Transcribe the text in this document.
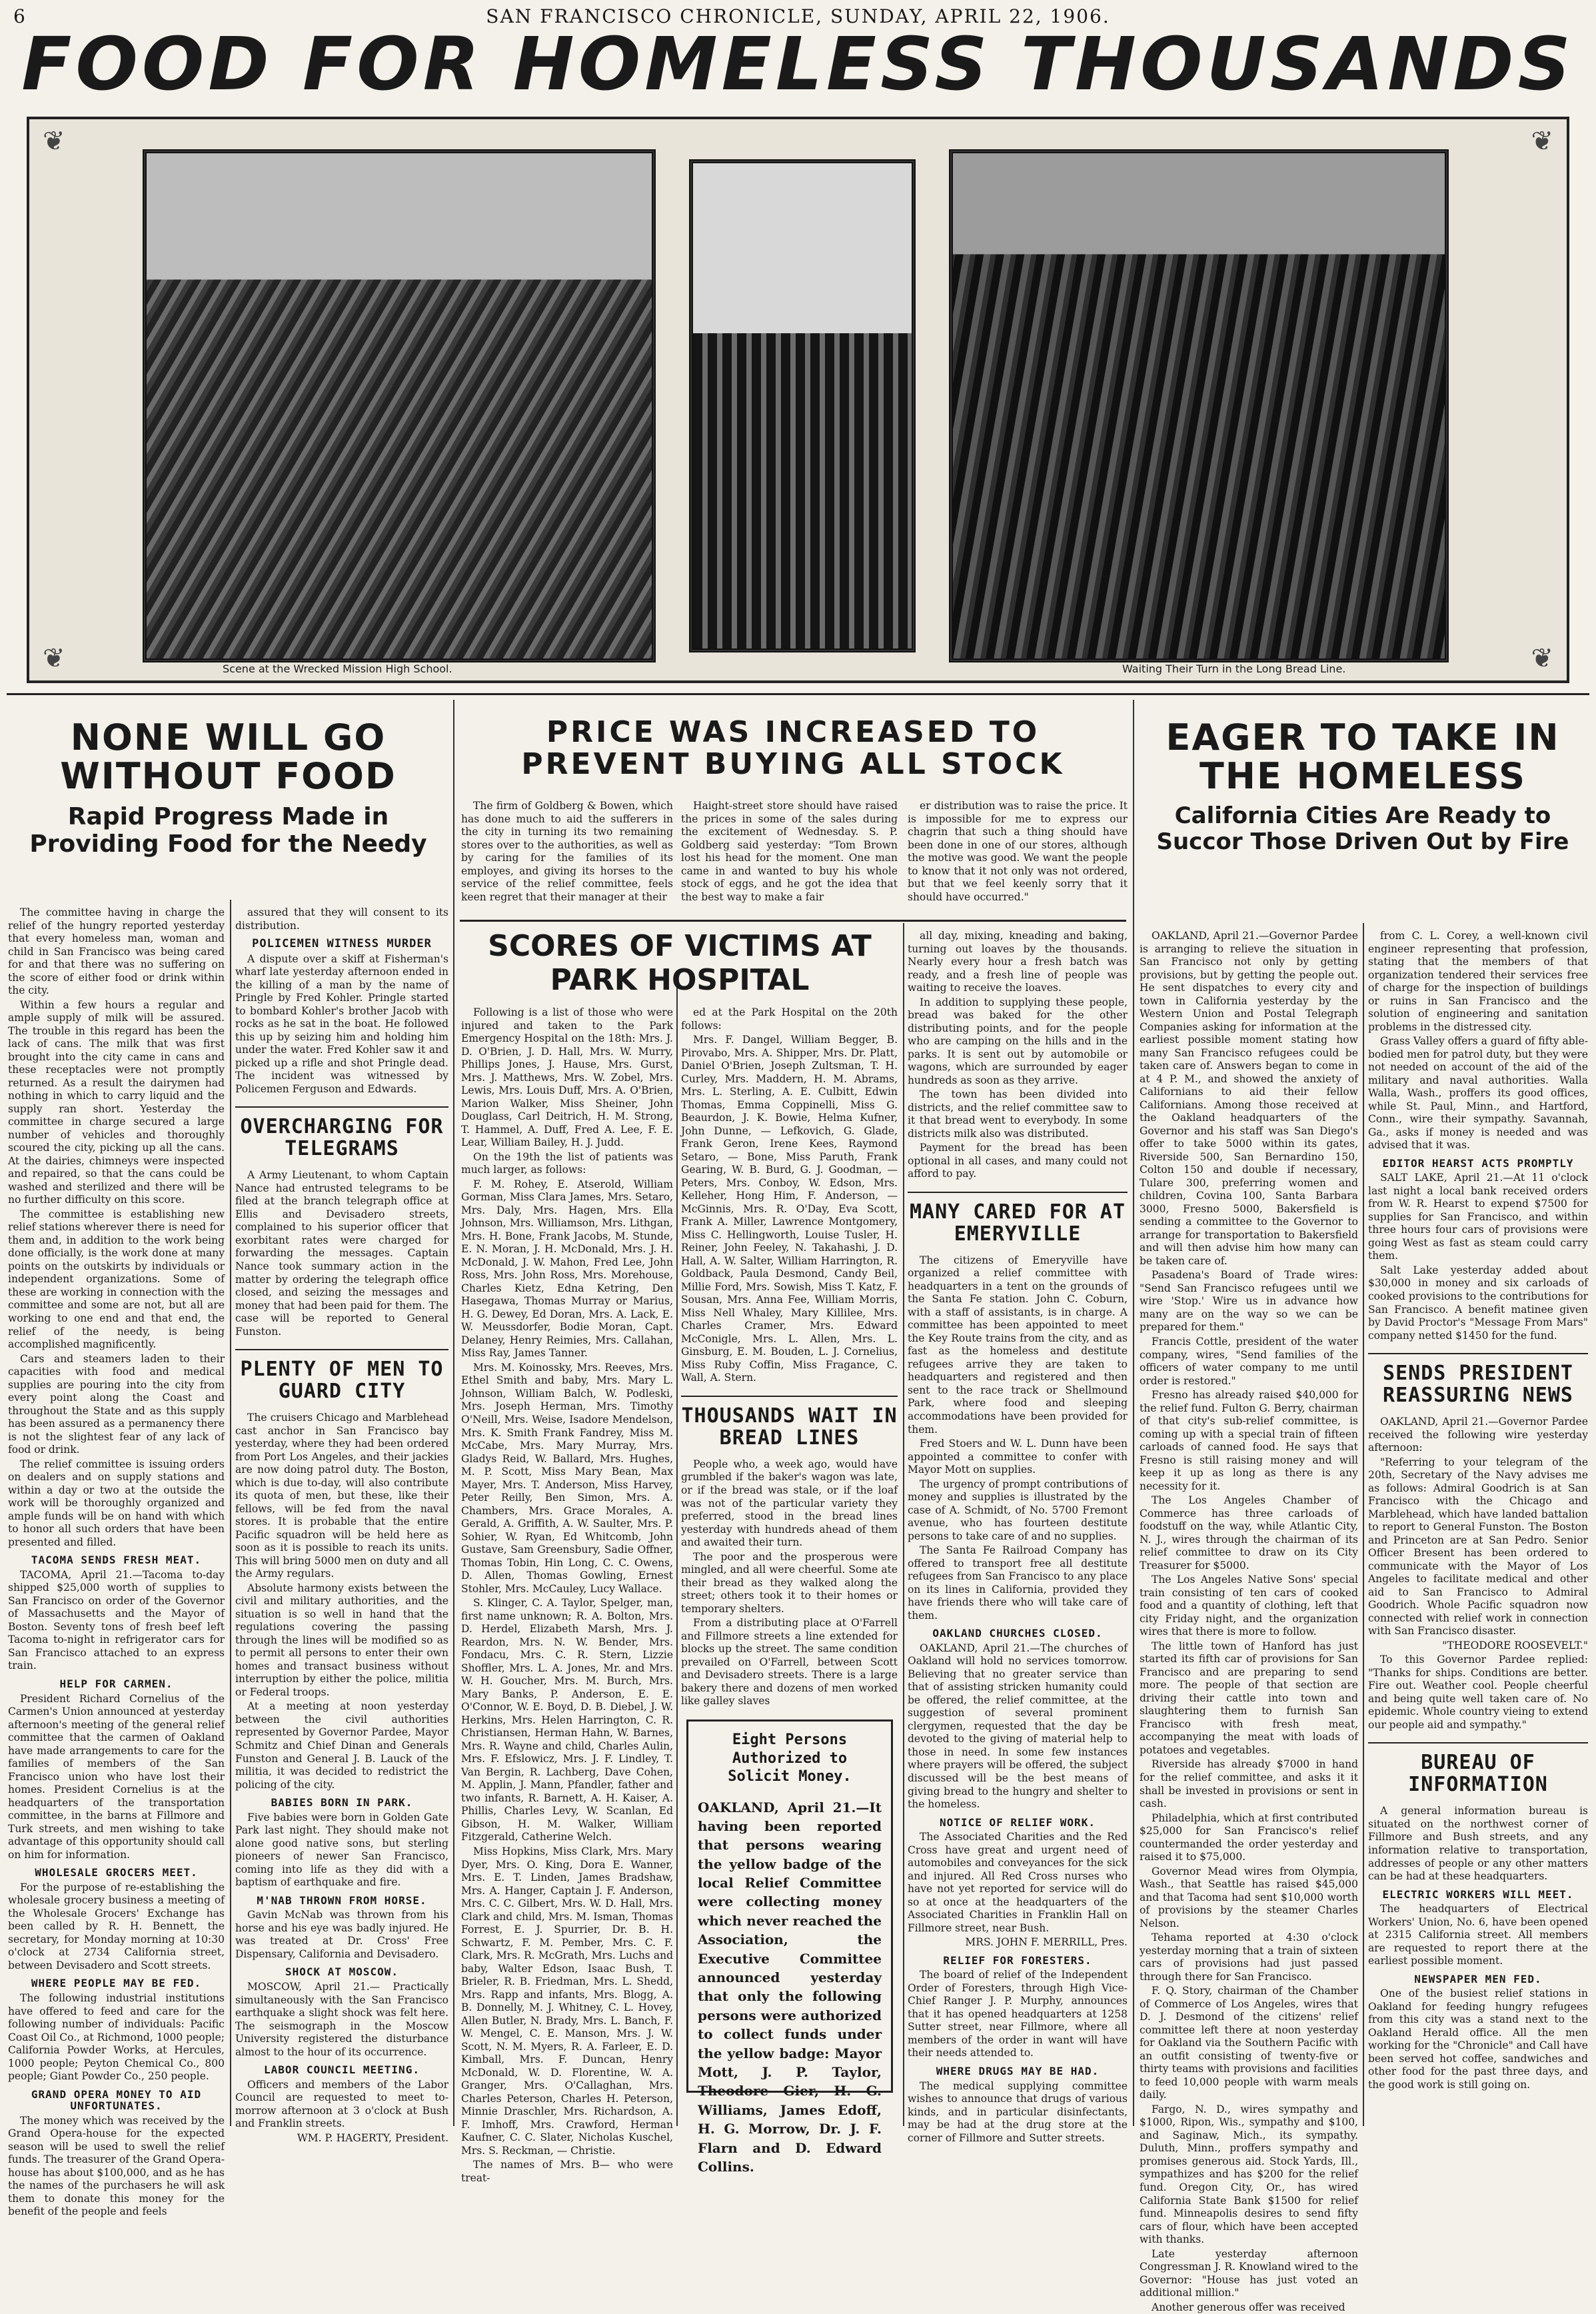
6	SAN FRANCISCO CHRONICLE, SUNDAY, APRIL 22, 1906.
FOOD FOR HOMELESS THOUSANDS
❦	❦
❦	❦
Scene at the Wrecked Mission High School.	Waiting Their Turn in the Long Bread Line.
NONE WILL GO WITHOUT FOOD
Rapid Progress Made in Providing Food for the Needy

The committee having in charge the relief of the hungry reported yesterday that every homeless man, woman and child in San Francisco was being cared for and that there was no suffering on the score of either food or drink within the city.

Within a few hours a regular and ample supply of milk will be assured. The trouble in this regard has been the lack of cans. The milk that was first brought into the city came in cans and these receptacles were not promptly returned. As a result the dairymen had nothing in which to carry liquid and the supply ran short. Yesterday the committee in charge secured a large number of vehicles and thoroughly scoured the city, picking up all the cans. At the dairies, chimneys were inspected and repaired, so that the cans could be washed and sterilized and there will be no further difficulty on this score.

The committee is establishing new relief stations wherever there is need for them and, in addition to the work being done officially, is the work done at many points on the outskirts by individuals or independent organizations. Some of these are working in connection with the committee and some are not, but all are working to one end and that end, the relief of the needy, is being accomplished magnificently.

Cars and steamers laden to their capacities with food and medical supplies are pouring into the city from every point along the Coast and throughout the State and as this supply has been assured as a permanency there is not the slightest fear of any lack of food or drink.

The relief committee is issuing orders on dealers and on supply stations and within a day or two at the outside the work will be thoroughly organized and ample funds will be on hand with which to honor all such orders that have been presented and filled.

TACOMA SENDS FRESH MEAT.

TACOMA, April 21.—Tacoma to-day shipped $25,000 worth of supplies to San Francisco on order of the Governor of Massachusetts and the Mayor of Boston. Seventy tons of fresh beef left Tacoma to-night in refrigerator cars for San Francisco attached to an express train.

HELP FOR CARMEN.

President Richard Cornelius of the Carmen's Union announced at yesterday afternoon's meeting of the general relief committee that the carmen of Oakland have made arrangements to care for the families of members of the San Francisco union who have lost their homes. President Cornelius is at the headquarters of the transportation committee, in the barns at Fillmore and Turk streets, and men wishing to take advantage of this opportunity should call on him for information.

WHOLESALE GROCERS MEET.

For the purpose of re-establishing the wholesale grocery business a meeting of the Wholesale Grocers' Exchange has been called by R. H. Bennett, the secretary, for Monday morning at 10:30 o'clock at 2734 California street, between Devisadero and Scott streets.

WHERE PEOPLE MAY BE FED.

The following industrial institutions have offered to feed and care for the following number of individuals: Pacific Coast Oil Co., at Richmond, 1000 people; California Powder Works, at Hercules, 1000 people; Peyton Chemical Co., 800 people; Giant Powder Co., 250 people.

GRAND OPERA MONEY TO AID UNFORTUNATES.

The money which was received by the Grand Opera-house for the expected season will be used to swell the relief funds. The treasurer of the Grand Opera-house has about $100,000, and as he has the names of the purchasers he will ask them to donate this money for the benefit of the people and feels

assured that they will consent to its distribution.

POLICEMEN WITNESS MURDER

A dispute over a skiff at Fisherman's wharf late yesterday afternoon ended in the killing of a man by the name of Pringle by Fred Kohler. Pringle started to bombard Kohler's brother Jacob with rocks as he sat in the boat. He followed this up by seizing him and holding him under the water. Fred Kohler saw it and picked up a rifle and shot Pringle dead. The incident was witnessed by Policemen Ferguson and Edwards.

OVERCHARGING FOR TELEGRAMS

A Army Lieutenant, to whom Captain Nance had entrusted telegrams to be filed at the branch telegraph office at Ellis and Devisadero streets, complained to his superior officer that exorbitant rates were charged for forwarding the messages. Captain Nance took summary action in the matter by ordering the telegraph office closed, and seizing the messages and money that had been paid for them. The case will be reported to General Funston.

PLENTY OF MEN TO GUARD CITY

The cruisers Chicago and Marblehead cast anchor in San Francisco bay yesterday, where they had been ordered from Port Los Angeles, and their jackies are now doing patrol duty. The Boston, which is due to-day, will also contribute its quota of men, but these, like their fellows, will be fed from the naval stores. It is probable that the entire Pacific squadron will be held here as soon as it is possible to reach its units. This will bring 5000 men on duty and all the Army regulars.

Absolute harmony exists between the civil and military authorities, and the situation is so well in hand that the regulations covering the passing through the lines will be modified so as to permit all persons to enter their own homes and transact business without interruption by either the police, militia or Federal troops.

At a meeting at noon yesterday between the civil authorities represented by Governor Pardee, Mayor Schmitz and Chief Dinan and Generals Funston and General J. B. Lauck of the militia, it was decided to redistrict the policing of the city.

BABIES BORN IN PARK.

Five babies were born in Golden Gate Park last night. They should make not alone good native sons, but sterling pioneers of newer San Francisco, coming into life as they did with a baptism of earthquake and fire.

M'NAB THROWN FROM HORSE.

Gavin McNab was thrown from his horse and his eye was badly injured. He was treated at Dr. Cross' Free Dispensary, California and Devisadero.

SHOCK AT MOSCOW.

MOSCOW, April 21.— Practically simultaneously with the San Francisco earthquake a slight shock was felt here. The seismograph in the Moscow University registered the disturbance almost to the hour of its occurrence.

LABOR COUNCIL MEETING.

Officers and members of the Labor Council are requested to meet to-morrow afternoon at 3 o'clock at Bush and Franklin streets.

WM. P. HAGERTY, President.
PRICE WAS INCREASED TO PREVENT BUYING ALL STOCK

The firm of Goldberg & Bowen, which has done much to aid the sufferers in the city in turning its two remaining stores over to the authorities, as well as by caring for the families of its employes, and giving its horses to the service of the relief committee, feels keen regret that their manager at their

Haight-street store should have raised the prices in some of the sales during the excitement of Wednesday. S. P. Goldberg said yesterday: "Tom Brown lost his head for the moment. One man came in and wanted to buy his whole stock of eggs, and he got the idea that the best way to make a fair

er distribution was to raise the price. It is impossible for me to express our chagrin that such a thing should have been done in one of our stores, although the motive was good. We want the people to know that it not only was not ordered, but that we feel keenly sorry that it should have occurred."

SCORES OF VICTIMS AT PARK HOSPITAL

Following is a list of those who were injured and taken to the Park Emergency Hospital on the 18th: Mrs. J. D. O'Brien, J. D. Hall, Mrs. W. Murry, Phillips Jones, J. Hause, Mrs. Gurst, Mrs. J. Matthews, Mrs. W. Zobel, Mrs. Lewis, Mrs. Louis Duff, Mrs. A. O'Brien, Marion Walker, Miss Sheiner, John Douglass, Carl Deitrich, H. M. Strong, T. Hammel, A. Duff, Fred A. Lee, F. E. Lear, William Bailey, H. J. Judd.

On the 19th the list of patients was much larger, as follows:

F. M. Rohey, E. Atserold, William Gorman, Miss Clara James, Mrs. Setaro, Mrs. Daly, Mrs. Hagen, Mrs. Ella Johnson, Mrs. Williamson, Mrs. Lithgan, Mrs. H. Bone, Frank Jacobs, M. Stunde, E. N. Moran, J. H. McDonald, Mrs. J. H. McDonald, J. W. Mahon, Fred Lee, John Ross, Mrs. John Ross, Mrs. Morehouse, Charles Kietz, Edna Ketring, Den Hasegawa, Thomas Murray or Marius, H. G. Dewey, Ed Doran, Mrs. A. Lack, E. W. Meussdorfer, Bodie Moran, Capt. Delaney, Henry Reimies, Mrs. Callahan, Miss Ray, James Tanner.

Mrs. M. Koinossky, Mrs. Reeves, Mrs. Ethel Smith and baby, Mrs. Mary L. Johnson, William Balch, W. Podleski, Mrs. Joseph Herman, Mrs. Timothy O'Neill, Mrs. Weise, Isadore Mendelson, Mrs. K. Smith Frank Fandrey, Miss M. McCabe, Mrs. Mary Murray, Mrs. Gladys Reid, W. Ballard, Mrs. Hughes, M. P. Scott, Miss Mary Bean, Max Mayer, Mrs. T. Anderson, Miss Harvey, Peter Reilly, Ben Simon, Mrs. A. Chambers, Mrs. Grace Morales, A. Gerald, A. Griffith, A. W. Saulter, Mrs. P. Sohier, W. Ryan, Ed Whitcomb, John Gustave, Sam Greensbury, Sadie Offner, Thomas Tobin, Hin Long, C. C. Owens, D. Allen, Thomas Gowling, Ernest Stohler, Mrs. McCauley, Lucy Wallace.

S. Klinger, C. A. Taylor, Spelger, man, first name unknown; R. A. Bolton, Mrs. D. Herdel, Elizabeth Marsh, Mrs. J. Reardon, Mrs. N. W. Bender, Mrs. Fondacu, Mrs. C. R. Stern, Lizzie Shoffler, Mrs. L. A. Jones, Mr. and Mrs. W. H. Goucher, Mrs. M. Burch, Mrs. Mary Banks, P. Anderson, E. E. O'Connor, W. E. Boyd, D. B. Diebel, J. W. Herkins, Mrs. Helen Harrington, C. R. Christiansen, Herman Hahn, W. Barnes, Mrs. R. Wayne and child, Charles Aulin, Mrs. F. Efslowicz, Mrs. J. F. Lindley, T. Van Bergin, R. Lachberg, Dave Cohen, M. Applin, J. Mann, Pfandler, father and two infants, R. Barnett, A. H. Kaiser, A. Phillis, Charles Levy, W. Scanlan, Ed Gibson, H. M. Walker, William Fitzgerald, Catherine Welch.

Miss Hopkins, Miss Clark, Mrs. Mary Dyer, Mrs. O. King, Dora E. Wanner, Mrs. E. T. Linden, James Bradshaw, Mrs. A. Hanger, Captain J. F. Anderson, Mrs. C. C. Gilbert, Mrs. W. D. Hall, Mrs. Clark and child, Mrs. M. Isman, Thomas Forrest, E. J. Spurrier, Dr. B. H. Schwartz, F. M. Pember, Mrs. C. F. Clark, Mrs. R. McGrath, Mrs. Luchs and baby, Walter Edson, Isaac Bush, T. Brieler, R. B. Friedman, Mrs. L. Shedd, Mrs. Rapp and infants, Mrs. Blogg, A. B. Donnelly, M. J. Whitney, C. L. Hovey, Allen Butler, N. Brady, Mrs. L. Banch, F. W. Mengel, C. E. Manson, Mrs. J. W. Scott, N. M. Myers, R. A. Farleer, E. D. Kimball, Mrs. F. Duncan, Henry McDonald, W. D. Florentine, W. A. Granger, Mrs. O'Callaghan, Mrs. Charles Peterson, Charles H. Peterson, Minnie Draschler, Mrs. Richardson, A. F. Imhoff, Mrs. Crawford, Herman Kaufner, C. C. Slater, Nicholas Kuschel, Mrs. S. Reckman, — Christie.

The names of Mrs. B— who were treat-

ed at the Park Hospital on the 20th follows:

Mrs. F. Dangel, William Begger, B. Pirovabo, Mrs. A. Shipper, Mrs. Dr. Platt, Daniel O'Brien, Joseph Zultsman, T. H. Curley, Mrs. Maddern, H. M. Abrams, Mrs. L. Sterling, A. E. Culbitt, Edwin Thomas, Emma Coppinelli, Miss G. Beaurdon, J. K. Bowie, Helma Kufner, John Dunne, — Lefkovich, G. Glade, Frank Geron, Irene Kees, Raymond Setaro, — Bone, Miss Paruth, Frank Gearing, W. B. Burd, G. J. Goodman, — Peters, Mrs. Conboy, W. Edson, Mrs. Kelleher, Hong Him, F. Anderson, — McGinnis, Mrs. R. O'Day, Eva Scott, Frank A. Miller, Lawrence Montgomery, Miss C. Hellingworth, Louise Tusler, H. Reiner, John Feeley, N. Takahashi, J. D. Hall, A. W. Salter, William Harrington, R. Goldback, Paula Desmond, Candy Beil, Millie Ford, Mrs. Sowish, Miss T. Katz, F. Sousan, Mrs. Anna Fee, William Morris, Miss Nell Whaley, Mary Killilee, Mrs. Charles Cramer, Mrs. Edward McConigle, Mrs. L. Allen, Mrs. L. Ginsburg, E. M. Bouden, L. J. Cornelius, Miss Ruby Coffin, Miss Fragance, C. Wall, A. Stern.

THOUSANDS WAIT IN BREAD LINES

People who, a week ago, would have grumbled if the baker's wagon was late, or if the bread was stale, or if the loaf was not of the particular variety they preferred, stood in the bread lines yesterday with hundreds ahead of them and awaited their turn.

The poor and the prosperous were mingled, and all were cheerful. Some ate their bread as they walked along the street; others took it to their homes or temporary shelters.

From a distributing place at O'Farrell and Fillmore streets a line extended for blocks up the street. The same condition prevailed on O'Farrell, between Scott and Devisadero streets. There is a large bakery there and dozens of men worked like galley slaves

Eight Persons Authorized to Solicit Money.
OAKLAND, April 21.—It having been reported that persons wearing the yellow badge of the local Relief Committee were collecting money which never reached the Association, the Executive Committee announced yesterday that only the following persons were authorized to collect funds under the yellow badge: Mayor Mott, J. P. Taylor, Theodore Gier, H. G. Williams, James Edoff, H. G. Morrow, Dr. J. F. Flarn and D. Edward Collins.

all day, mixing, kneading and baking, turning out loaves by the thousands. Nearly every hour a fresh batch was ready, and a fresh line of people was waiting to receive the loaves.

In addition to supplying these people, bread was baked for the other distributing points, and for the people who are camping on the hills and in the parks. It is sent out by automobile or wagons, which are surrounded by eager hundreds as soon as they arrive.

The town has been divided into districts, and the relief committee saw to it that bread went to everybody. In some districts milk also was distributed.

Payment for the bread has been optional in all cases, and many could not afford to pay.

MANY CARED FOR AT EMERYVILLE

The citizens of Emeryville have organized a relief committee with headquarters in a tent on the grounds of the Santa Fe station. John C. Coburn, with a staff of assistants, is in charge. A committee has been appointed to meet the Key Route trains from the city, and as fast as the homeless and destitute refugees arrive they are taken to headquarters and registered and then sent to the race track or Shellmound Park, where food and sleeping accommodations have been provided for them.

Fred Stoers and W. L. Dunn have been appointed a committee to confer with Mayor Mott on supplies.

The urgency of prompt contributions of money and supplies is illustrated by the case of A. Schmidt, of No. 5700 Fremont avenue, who has fourteen destitute persons to take care of and no supplies.

The Santa Fe Railroad Company has offered to transport free all destitute refugees from San Francisco to any place on its lines in California, provided they have friends there who will take care of them.

OAKLAND CHURCHES CLOSED.

OAKLAND, April 21.—The churches of Oakland will hold no services tomorrow. Believing that no greater service than that of assisting stricken humanity could be offered, the relief committee, at the suggestion of several prominent clergymen, requested that the day be devoted to the giving of material help to those in need. In some few instances where prayers will be offered, the subject discussed will be the best means of giving bread to the hungry and shelter to the homeless.

NOTICE OF RELIEF WORK.

The Associated Charities and the Red Cross have great and urgent need of automobiles and conveyances for the sick and injured. All Red Cross nurses who have not yet reported for service will do so at once at the headquarters of the Associated Charities in Franklin Hall on Fillmore street, near Bush.

MRS. JOHN F. MERRILL, Pres.
RELIEF FOR FORESTERS.

The board of relief of the Independent Order of Foresters, through High Vice-Chief Ranger J. P. Murphy, announces that it has opened headquarters at 1258 Sutter street, near Fillmore, where all members of the order in want will have their needs attended to.

WHERE DRUGS MAY BE HAD.

The medical supplying committee wishes to announce that drugs of various kinds, and in particular disinfectants, may be had at the drug store at the corner of Fillmore and Sutter streets.

EAGER TO TAKE IN THE HOMELESS
California Cities Are Ready to Succor Those Driven Out by Fire

OAKLAND, April 21.—Governor Pardee is arranging to relieve the situation in San Francisco not only by getting provisions, but by getting the people out. He sent dispatches to every city and town in California yesterday by the Western Union and Postal Telegraph Companies asking for information at the earliest possible moment stating how many San Francisco refugees could be taken care of. Answers began to come in at 4 P. M., and showed the anxiety of Californians to aid their fellow Californians. Among those received at the Oakland headquarters of the Governor and his staff was San Diego's offer to take 5000 within its gates, Riverside 500, San Bernardino 150, Colton 150 and double if necessary, Tulare 300, preferring women and children, Covina 100, Santa Barbara 3000, Fresno 5000, Bakersfield is sending a committee to the Governor to arrange for transportation to Bakersfield and will then advise him how many can be taken care of.

Pasadena's Board of Trade wires: "Send San Francisco refugees until we wire 'Stop.' Wire us in advance how many are on the way so we can be prepared for them."

Francis Cottle, president of the water company, wires, "Send families of the officers of water company to me until order is restored."

Fresno has already raised $40,000 for the relief fund. Fulton G. Berry, chairman of that city's sub-relief committee, is coming up with a special train of fifteen carloads of canned food. He says that Fresno is still raising money and will keep it up as long as there is any necessity for it.

The Los Angeles Chamber of Commerce has three carloads of foodstuff on the way, while Atlantic City, N. J., wires through the chairman of its relief committee to draw on its City Treasurer for $5000.

The Los Angeles Native Sons' special train consisting of ten cars of cooked food and a quantity of clothing, left that city Friday night, and the organization wires that there is more to follow.

The little town of Hanford has just started its fifth car of provisions for San Francisco and are preparing to send more. The people of that section are driving their cattle into town and slaughtering them to furnish San Francisco with fresh meat, accompanying the meat with loads of potatoes and vegetables.

Riverside has already $7000 in hand for the relief committee, and asks it it shall be invested in provisions or sent in cash.

Philadelphia, which at first contributed $25,000 for San Francisco's relief countermanded the order yesterday and raised it to $75,000.

Governor Mead wires from Olympia, Wash., that Seattle has raised $45,000 and that Tacoma had sent $10,000 worth of provisions by the steamer Charles Nelson.

Tehama reported at 4:30 o'clock yesterday morning that a train of sixteen cars of provisions had just passed through there for San Francisco.

F. Q. Story, chairman of the Chamber of Commerce of Los Angeles, wires that D. J. Desmond of the citizens' relief committee left there at noon yesterday for Oakland via the Southern Pacific with an outfit consisting of twenty-five or thirty teams with provisions and facilities to feed 10,000 people with warm meals daily.

Fargo, N. D., wires sympathy and $1000, Ripon, Wis., sympathy and $100, and Saginaw, Mich., its sympathy. Duluth, Minn., proffers sympathy and promises generous aid. Stock Yards, Ill., sympathizes and has $200 for the relief fund. Oregon City, Or., has wired California State Bank $1500 for relief fund. Minneapolis desires to send fifty cars of flour, which have been accepted with thanks.

Late yesterday afternoon Congressman J. R. Knowland wired to the Governor: "House has just voted an additional million."

Another generous offer was received

from C. L. Corey, a well-known civil engineer representing that profession, stating that the members of that organization tendered their services free of charge for the inspection of buildings or ruins in San Francisco and the solution of engineering and sanitation problems in the distressed city.

Grass Valley offers a guard of fifty able-bodied men for patrol duty, but they were not needed on account of the aid of the military and naval authorities. Walla Walla, Wash., proffers its good offices, while St. Paul, Minn., and Hartford, Conn., wire their sympathy. Savannah, Ga., asks if money is needed and was advised that it was.

EDITOR HEARST ACTS PROMPTLY

SALT LAKE, April 21.—At 11 o'clock last night a local bank received orders from W. R. Hearst to expend $7500 for supplies for San Francisco, and within three hours four cars of provisions were going West as fast as steam could carry them.

Salt Lake yesterday added about $30,000 in money and six carloads of cooked provisions to the contributions for San Francisco. A benefit matinee given by David Proctor's "Message From Mars" company netted $1450 for the fund.

SENDS PRESIDENT REASSURING NEWS

OAKLAND, April 21.—Governor Pardee received the following wire yesterday afternoon:

"Referring to your telegram of the 20th, Secretary of the Navy advises me as follows: Admiral Goodrich is at San Francisco with the Chicago and Marblehead, which have landed battalion to report to General Funston. The Boston and Princeton are at San Pedro. Senior Officer Bresent has been ordered to communicate with the Mayor of Los Angeles to facilitate medical and other aid to San Francisco to Admiral Goodrich. Whole Pacific squadron now connected with relief work in connection with San Francisco disaster.

"THEODORE ROOSEVELT."

To this Governor Pardee replied: "Thanks for ships. Conditions are better. Fire out. Weather cool. People cheerful and being quite well taken care of. No epidemic. Whole country vieing to extend our people aid and sympathy."

BUREAU OF INFORMATION

A general information bureau is situated on the northwest corner of Fillmore and Bush streets, and any information relative to transportation, addresses of people or any other matters can be had at these headquarters.

ELECTRIC WORKERS WILL MEET.

The headquarters of Electrical Workers' Union, No. 6, have been opened at 2315 California street. All members are requested to report there at the earliest possible moment.

NEWSPAPER MEN FED.

One of the busiest relief stations in Oakland for feeding hungry refugees from this city was a stand next to the Oakland Herald office. All the men working for the "Chronicle" and Call have been served hot coffee, sandwiches and other food for the past three days, and the good work is still going on.
